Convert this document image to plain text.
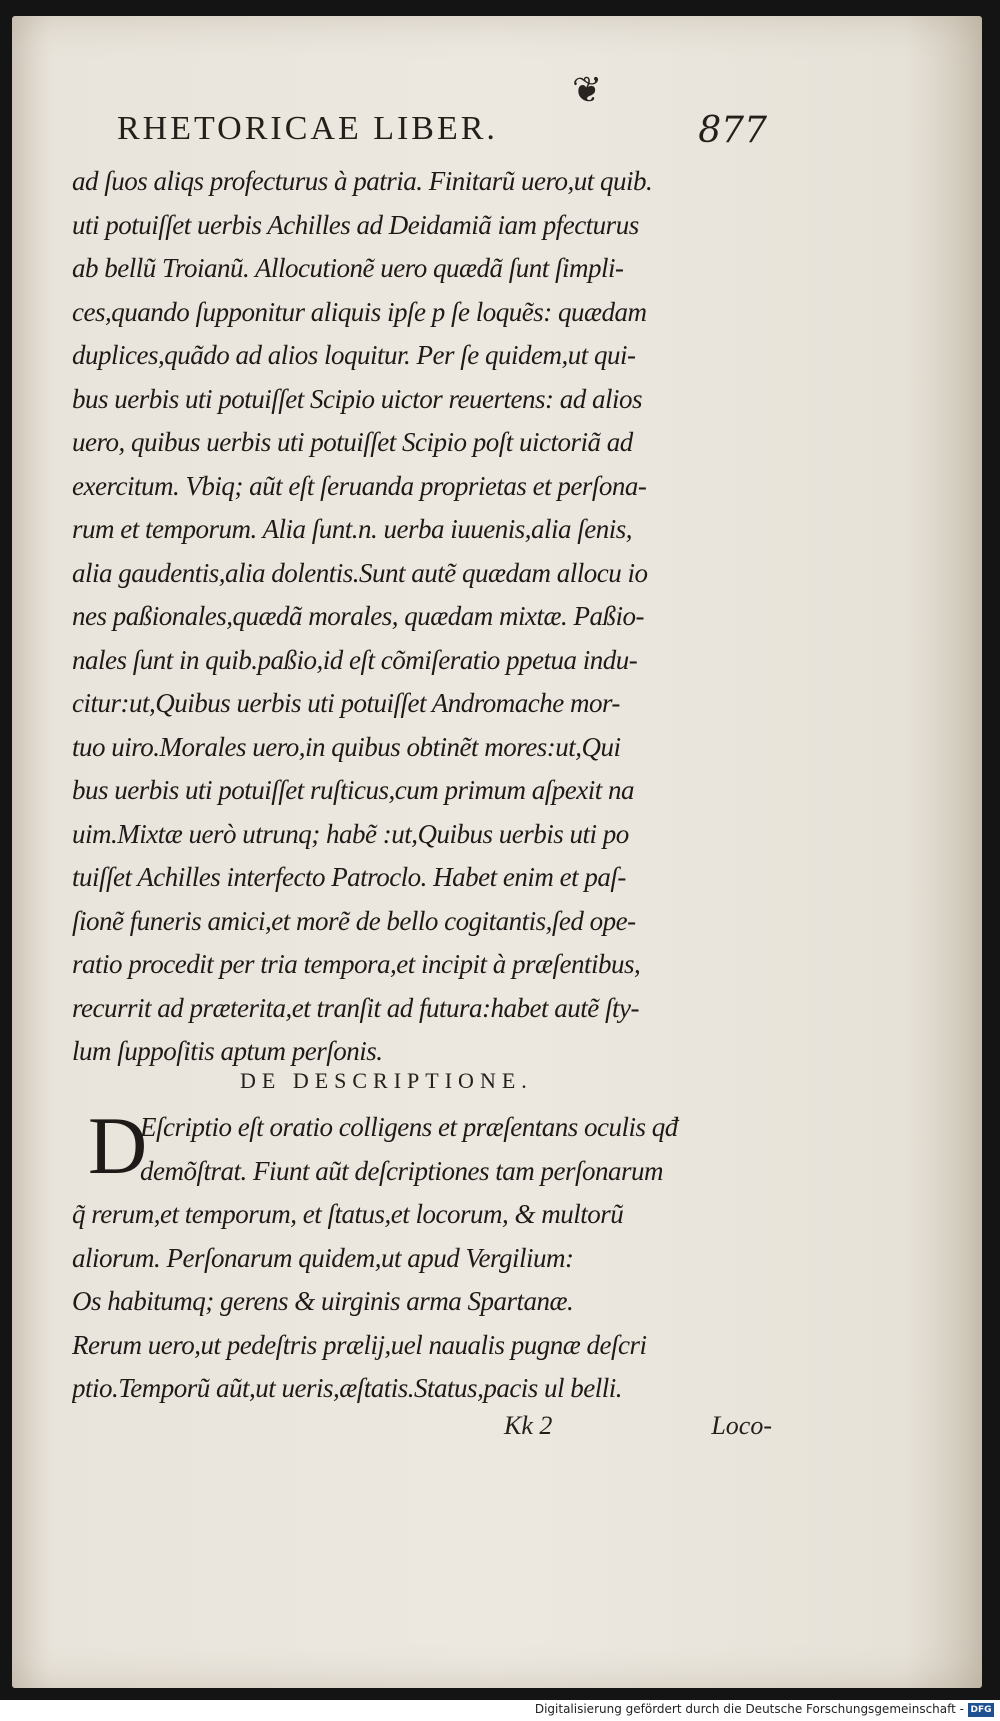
❦
RHETORICAE LIBER.	877
ad ſuos aliqs profecturus à patria. Finitarũ uero,ut quib.
uti potuiſſet uerbis Achilles ad Deidamiã iam pfecturus
ab bellũ Troianũ. Allocutionẽ uero quædã ſunt ſimpli-
ces,quando ſupponitur aliquis ipſe p ſe loquẽs: quædam
duplices,quãdo ad alios loquitur. Per ſe quidem,ut qui-
bus uerbis uti potuiſſet Scipio uictor reuertens: ad alios
uero, quibus uerbis uti potuiſſet Scipio poſt uictoriã ad
exercitum. Vbiq; aũt eſt ſeruanda proprietas et perſona-
rum et temporum. Alia ſunt.n. uerba iuuenis,alia ſenis,
alia gaudentis,alia dolentis.Sunt autẽ quædam allocu io
nes paßionales,quædã morales, quædam mixtæ. Paßio-
nales ſunt in quib.paßio,id eſt cõmiſeratio ppetua indu-
citur:ut,Quibus uerbis uti potuiſſet Andromache mor-
tuo uiro.Morales uero,in quibus obtinẽt mores:ut,Qui
bus uerbis uti potuiſſet ruſticus,cum primum aſpexit na
uim.Mixtæ uerò utrunq; habẽ :ut,Quibus uerbis uti po
tuiſſet Achilles interfecto Patroclo. Habet enim et paſ-
ſionẽ funeris amici,et morẽ de bello cogitantis,ſed ope-
ratio procedit per tria tempora,et incipit à præſentibus,
recurrit ad præterita,et tranſit ad futura:habet autẽ ſty-
lum ſuppoſitis aptum perſonis.
DE DESCRIPTIONE.
D
Eſcriptio eſt oratio colligens et præſentans oculis qđ
demõſtrat. Fiunt aũt deſcriptiones tam perſonarum
q̃ rerum,et temporum, et ſtatus,et locorum, & multorũ
aliorum. Perſonarum quidem,ut apud Vergilium:
Os habitumq; gerens & uirginis arma Spartanæ.
Rerum uero,ut pedeſtris prælij,uel naualis pugnæ deſcri
ptio.Temporũ aũt,ut ueris,æſtatis.Status,pacis ul belli.
Kk 2	Loco-
Digitalisierung gefördert durch die Deutsche Forschungsgemeinschaft - DFG
